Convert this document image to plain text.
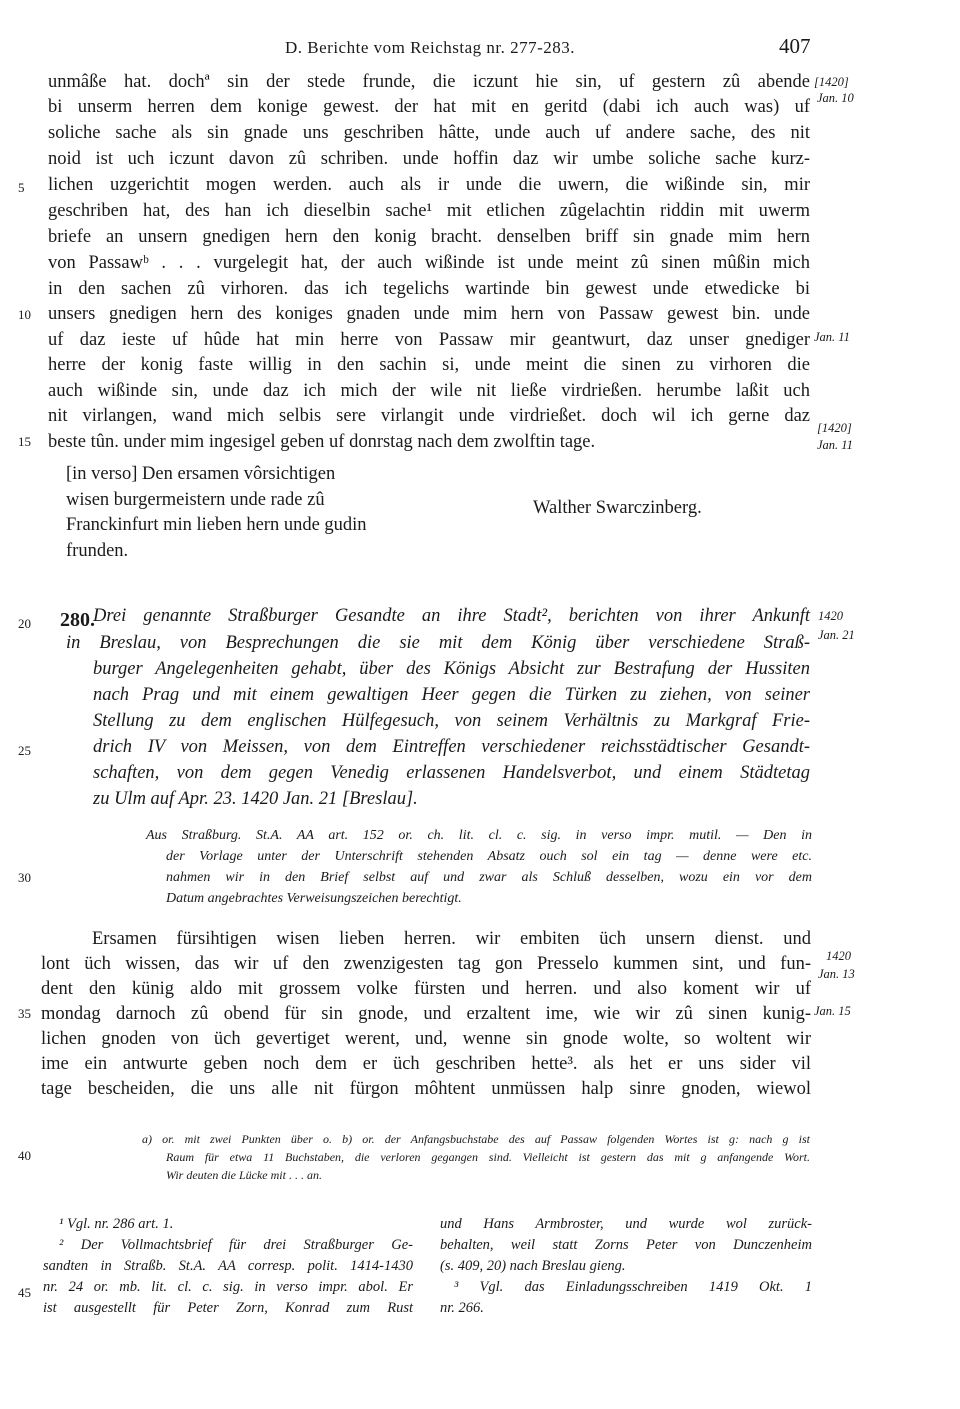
D. Berichte vom Reichstag nr. 277-283.	407
unmâße hat. dochª sin der stede frunde, die iczunt hie sin, uf gestern zû abende
bi unserm herren dem konige gewest. der hat mit en geritd (dabi ich auch was) uf
soliche sache als sin gnade uns geschriben hâtte, unde auch uf andere sache, des nit
noid ist uch iczunt davon zû schriben. unde hoffin daz wir umbe soliche sache kurz-
lichen uzgerichtit mogen werden. auch als ir unde die uwern, die wißinde sin, mir
geschriben hat, des han ich dieselbin sache¹ mit etlichen zûgelachtin riddin mit uwerm
briefe an unsern gnedigen hern den konig bracht. denselben briff sin gnade mim hern
von Passawᵇ . . . vurgelegit hat, der auch wißinde ist unde meint zû sinen mûßin mich
in den sachen zû virhoren. das ich tegelichs wartinde bin gewest unde etwedicke bi
unsers gnedigen hern des koniges gnaden unde mim hern von Passaw gewest bin. unde
uf daz ieste uf hûde hat min herre von Passaw mir geantwurt, daz unser gnediger
herre der konig faste willig in den sachin si, unde meint die sinen zu virhoren die
auch wißinde sin, unde daz ich mich der wile nit ließe virdrießen. herumbe laßit uch
nit virlangen, wand mich selbis sere virlangit unde virdrießet. doch wil ich gerne daz
beste tûn. under mim ingesigel geben uf donrstag nach dem zwolftin tage.
5
10
15
20
25
30
35
40
45
[1420]
Jan. 10
Jan. 11
[1420]
Jan. 11
1420
Jan. 21
1420
Jan. 13
Jan. 15
[in verso] Den ersamen vôrsichtigen
wisen burgermeistern unde rade zû
Franckinfurt min lieben hern unde gudin
frunden.
Walther Swarczinberg.
280.
Drei genannte Straßburger Gesandte an ihre Stadt², berichten von ihrer Ankunft
in Breslau, von Besprechungen die sie mit dem König über verschiedene Straß-
burger Angelegenheiten gehabt, über des Königs Absicht zur Bestrafung der Hussiten
nach Prag und mit einem gewaltigen Heer gegen die Türken zu ziehen, von seiner
Stellung zu dem englischen Hülfegesuch, von seinem Verhältnis zu Markgraf Frie-
drich IV von Meissen, von dem Eintreffen verschiedener reichsstädtischer Gesandt-
schaften, von dem gegen Venedig erlassenen Handelsverbot, und einem Städtetag
zu Ulm auf Apr. 23. 1420 Jan. 21 [Breslau].
Aus Straßburg. St.A. AA art. 152 or. ch. lit. cl. c. sig. in verso impr. mutil. — Den in
der Vorlage unter der Unterschrift stehenden Absatz ouch sol ein tag — denne were etc.
nahmen wir in den Brief selbst auf und zwar als Schluß desselben, wozu ein vor dem
Datum angebrachtes Verweisungszeichen berechtigt.
Ersamen fürsihtigen wisen lieben herren. wir embiten üch unsern dienst. und
lont üch wissen, das wir uf den zwenzigesten tag gon Presselo kummen sint, und fun-
dent den künig aldo mit grossem volke fürsten und herren. und also koment wir uf
mondag darnoch zû obend für sin gnode, und erzaltent ime, wie wir zû sinen kunig-
lichen gnoden von üch gevertiget werent, und, wenne sin gnode wolte, so woltent wir
ime ein antwurte geben noch dem er üch geschriben hette³. als het er uns sider vil
tage bescheiden, die uns alle nit fürgon môhtent unmüssen halp sinre gnoden, wiewol
a) or. mit zwei Punkten über o. b) or. der Anfangsbuchstabe des auf Passaw folgenden Wortes ist g: nach g ist
Raum für etwa 11 Buchstaben, die verloren gegangen sind. Vielleicht ist gestern das mit g anfangende Wort.
Wir deuten die Lücke mit . . . an.
¹ Vgl. nr. 286 art. 1.
² Der Vollmachtsbrief für drei Straßburger Ge-
sandten in Straßb. St.A. AA corresp. polit. 1414-1430
nr. 24 or. mb. lit. cl. c. sig. in verso impr. abol. Er
ist ausgestellt für Peter Zorn, Konrad zum Rust
und Hans Armbroster, und wurde wol zurück-
behalten, weil statt Zorns Peter von Dunczenheim
(s. 409, 20) nach Breslau gieng.
³ Vgl. das Einladungsschreiben 1419 Okt. 1
nr. 266.
